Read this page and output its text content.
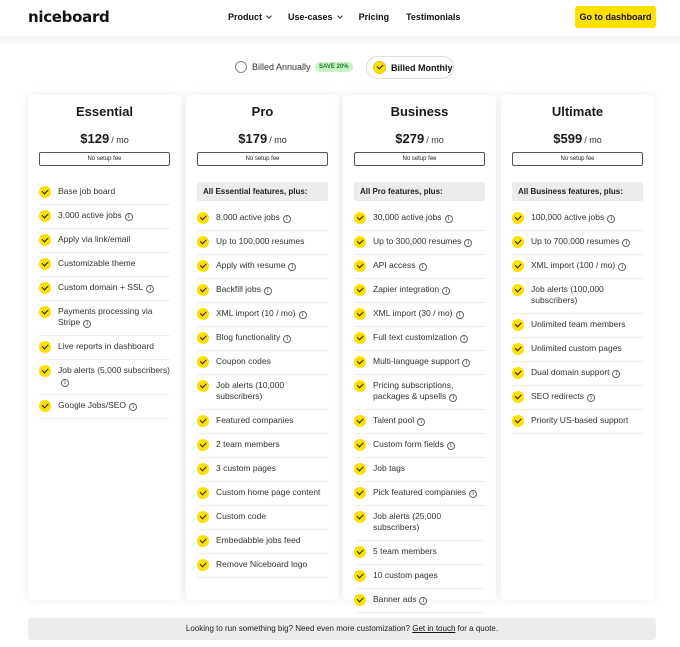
niceboard	Product	Use-cases	Pricing Testimonials	Go to dashboard
Billed Annually	SAVE 20%	Billed Monthly
Essential
$129 / mo
No setup fee
Base job board
3,000 active jobs i
Apply via link/email
Customizable theme
Custom domain + SSL i
Payments processing via Stripe i
Live reports in dashboard
Job alerts (5,000 subscribers)i
Google Jobs/SEO i
Pro
$179 / mo
No setup fee
All Essential features, plus:
8,000 active jobs i
Up to 100,000 resumes
Apply with resume i
Backfill jobs i
XML import (10 / mo) i
Blog functionality i
Coupon codes
Job alerts (10,000 subscribers)
Featured companies
2 team members
3 custom pages
Custom home page content
Custom code
Embedabble jobs feed
Remove Niceboard logo
Business
$279 / mo
No setup fee
All Pro features, plus:
30,000 active jobs i
Up to 300,000 resumes i
API access i
Zapier integration i
XML import (30 / mo) i
Full text customization i
Multi-language support i
Pricing subscriptions, packages & upsells i
Talent pool i
Custom form fields i
Job tags
Pick featured companies i
Job alerts (25,000 subscribers)
5 team members
10 custom pages
Banner ads i
Ultimate
$599 / mo
No setup fee
All Business features, plus:
100,000 active jobs i
Up to 700,000 resumes i
XML import (100 / mo) i
Job alerts (100,000 subscribers)
Unlimited team members
Unlimited custom pages
Dual domain support i
SEO redirects i
Priority US-based support
Looking to run something big? Need even more customization? Get in touch for a quote.
